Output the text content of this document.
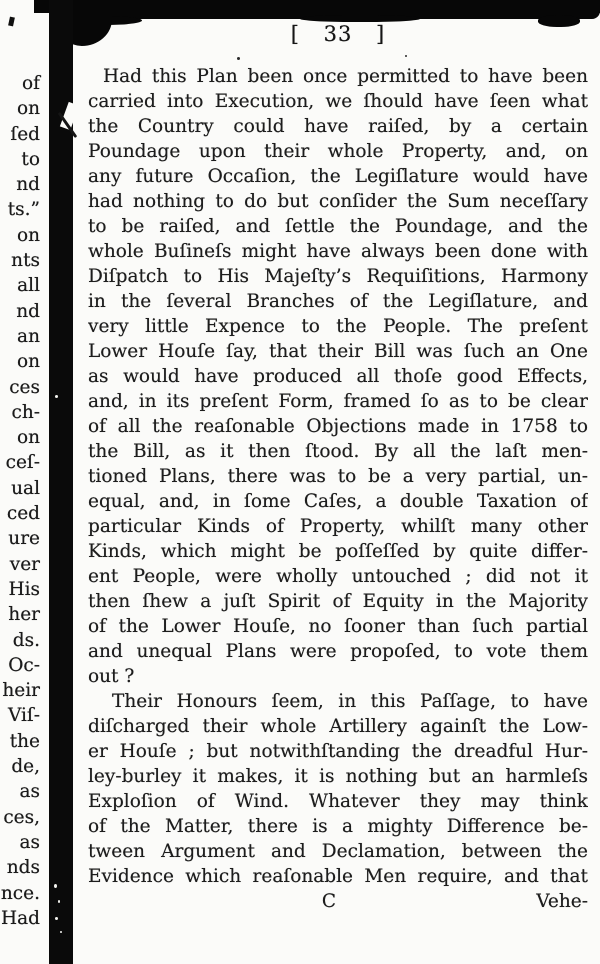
of
on
ſed
to
nd
ts.”
on
nts
all
nd
an
on
ces
ch-
on
ceſ-
ual
ced
ure
ver
His
her
ds.
Oc-
heir
Viſ-
the
de,
as
ces,
as
nds
nce.
Had
[ 33 ]
Had this Plan been once permitted to have been
carried into Execution, we ſhould have ſeen what
the Country could have raiſed, by a certain
Poundage upon their whole Property, and, on
any future Occaſion, the Legiſlature would have
had nothing to do but conſider the Sum neceſſary
to be raiſed, and ſettle the Poundage, and the
whole Buſineſs might have always been done with
Diſpatch to His Majeſty’s Requiſitions, Harmony
in the ſeveral Branches of the Legiſlature, and
very little Expence to the People. The preſent
Lower Houſe ſay, that their Bill was ſuch an One
as would have produced all thoſe good Effects,
and, in its preſent Form, framed ſo as to be clear
of all the reaſonable Objections made in 1758 to
the Bill, as it then ſtood. By all the laſt men-
tioned Plans, there was to be a very partial, un-
equal, and, in ſome Caſes, a double Taxation of
particular Kinds of Property, whilſt many other
Kinds, which might be poſſeſſed by quite differ-
ent People, were wholly untouched ; did not it
then ſhew a juſt Spirit of Equity in the Majority
of the Lower Houſe, no ſooner than ſuch partial
and unequal Plans were propoſed, to vote them
out ?
Their Honours ſeem, in this Paſſage, to have
diſcharged their whole Artillery againſt the Low-
er Houſe ; but notwithſtanding the dreadful Hur-
ley-burley it makes, it is nothing but an harmleſs
Exploſion of Wind. Whatever they may think
of the Matter, there is a mighty Difference be-
tween Argument and Declamation, between the
Evidence which reaſonable Men require, and that
C	Vehe-
